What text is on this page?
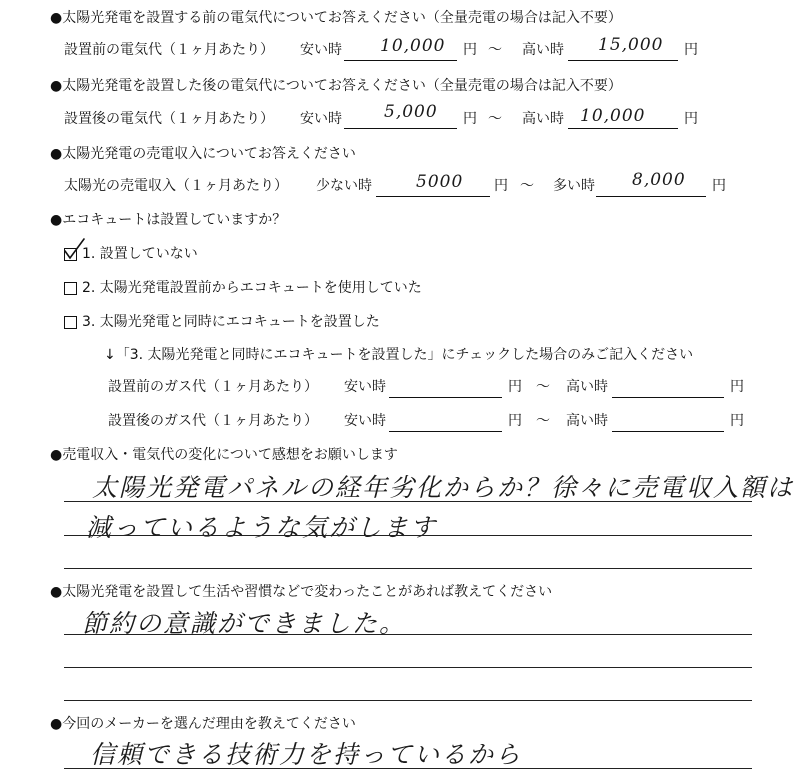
●太陽光発電を設置する前の電気代についてお答えください（全量売電の場合は記入不要）
設置前の電気代（１ヶ月あたり） 安い時 10,000 円 ～ 高い時 15,000 円
●太陽光発電を設置した後の電気代についてお答えください（全量売電の場合は記入不要）
設置後の電気代（１ヶ月あたり） 安い時 5,000 円 ～ 高い時 10,000	円
●太陽光発電の売電収入についてお答えください
太陽光の売電収入（１ヶ月あたり） 少ない時	5000 円 ～ 多い時 8,000 円
●エコキュートは設置していますか？
1. 設置していない
2. 太陽光発電設置前からエコキュートを使用していた
3. 太陽光発電と同時にエコキュートを設置した
↓「3. 太陽光発電と同時にエコキュートを設置した」にチェックした場合のみご記入ください
設置前のガス代（１ヶ月あたり） 安い時	円 ～ 高い時	円
設置後のガス代（１ヶ月あたり） 安い時	円 ～ 高い時	円
●売電収入・電気代の変化について感想をお願いします
太陽光発電パネルの経年劣化からか？徐々に売電収入額は
減っているような気がします
●太陽光発電を設置して生活や習慣などで変わったことがあれば教えてください
節約の意識ができました。
●今回のメーカーを選んだ理由を教えてください
信頼できる技術力を持っているから
